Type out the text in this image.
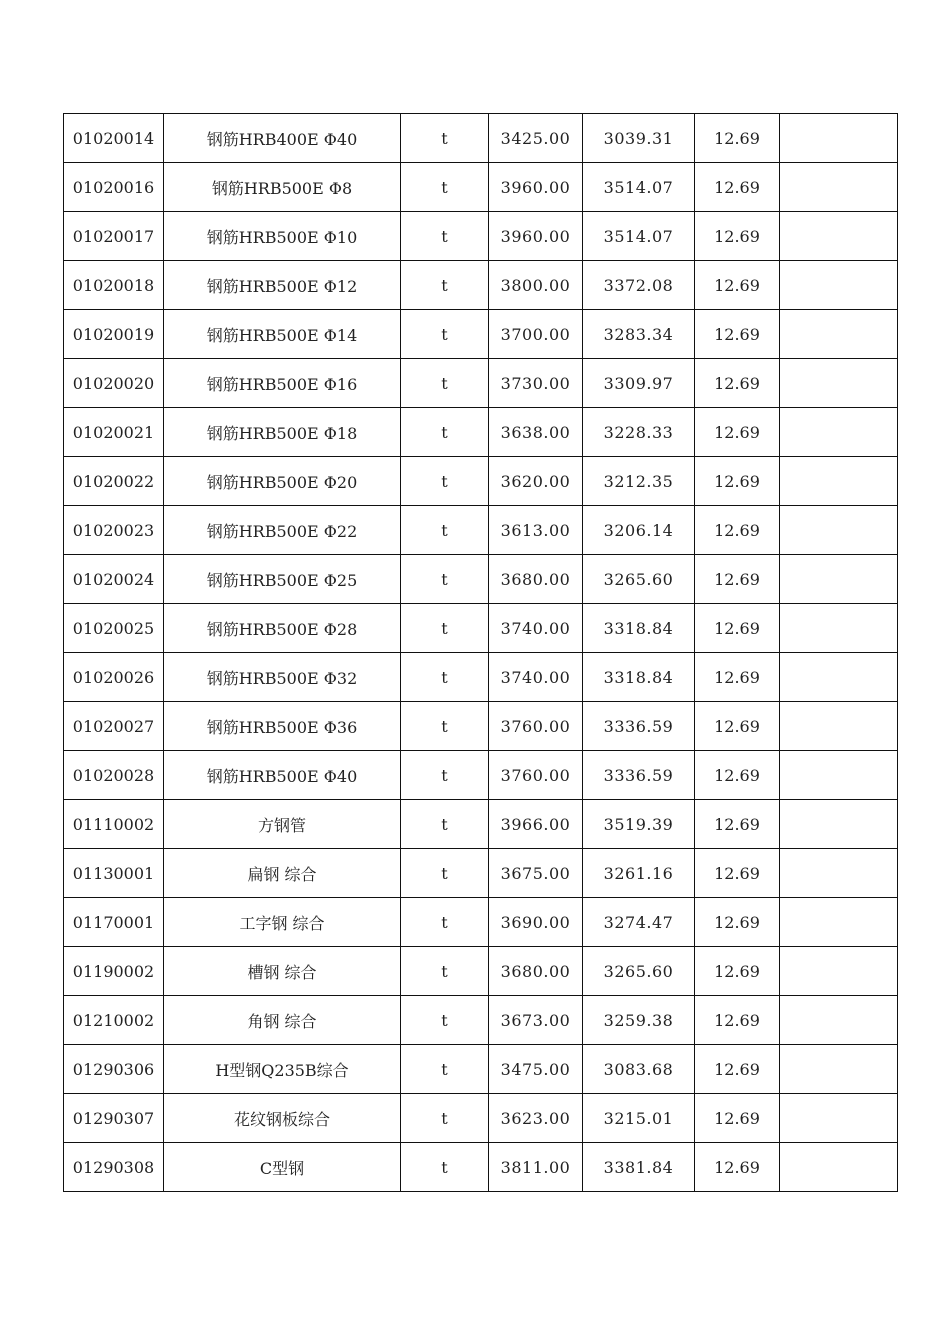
01020014	钢筋HRB400E Φ40	t	3425.00	3039.31	12.69	
01020016	钢筋HRB500E Φ8	t	3960.00	3514.07	12.69	
01020017	钢筋HRB500E Φ10	t	3960.00	3514.07	12.69	
01020018	钢筋HRB500E Φ12	t	3800.00	3372.08	12.69	
01020019	钢筋HRB500E Φ14	t	3700.00	3283.34	12.69	
01020020	钢筋HRB500E Φ16	t	3730.00	3309.97	12.69	
01020021	钢筋HRB500E Φ18	t	3638.00	3228.33	12.69	
01020022	钢筋HRB500E Φ20	t	3620.00	3212.35	12.69	
01020023	钢筋HRB500E Φ22	t	3613.00	3206.14	12.69	
01020024	钢筋HRB500E Φ25	t	3680.00	3265.60	12.69	
01020025	钢筋HRB500E Φ28	t	3740.00	3318.84	12.69	
01020026	钢筋HRB500E Φ32	t	3740.00	3318.84	12.69	
01020027	钢筋HRB500E Φ36	t	3760.00	3336.59	12.69	
01020028	钢筋HRB500E Φ40	t	3760.00	3336.59	12.69	
01110002	方钢管	t	3966.00	3519.39	12.69	
01130001	扁钢 综合	t	3675.00	3261.16	12.69	
01170001	工字钢 综合	t	3690.00	3274.47	12.69	
01190002	槽钢 综合	t	3680.00	3265.60	12.69	
01210002	角钢 综合	t	3673.00	3259.38	12.69	
01290306	H型钢Q235B综合	t	3475.00	3083.68	12.69	
01290307	花纹钢板综合	t	3623.00	3215.01	12.69	
01290308	C型钢	t	3811.00	3381.84	12.69	
